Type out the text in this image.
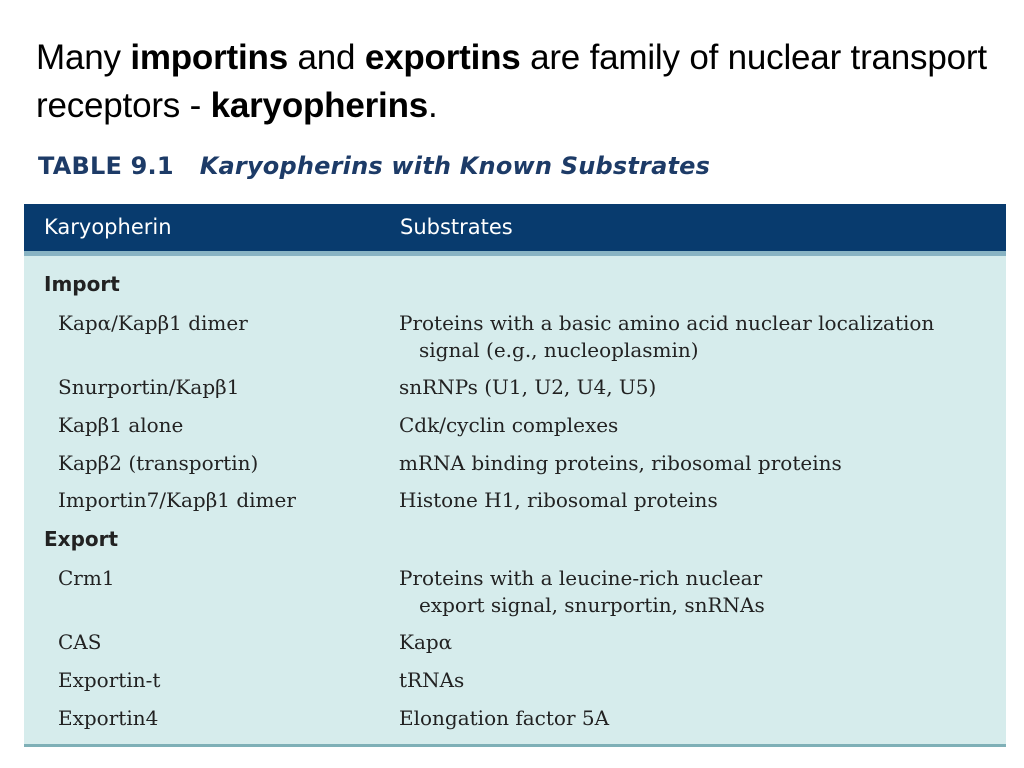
Many importins and exportins are family of nuclear transport receptors - karyopherins.
TABLE 9.1 Karyopherins with Known Substrates
Karyopherin	Substrates
Import
Kapα/Kapβ1 dimer	Proteins with a basic amino acid nuclear localization
signal (e.g., nucleoplasmin)
Snurportin/Kapβ1	snRNPs (U1, U2, U4, U5)
Kapβ1 alone	Cdk/cyclin complexes
Kapβ2 (transportin)	mRNA binding proteins, ribosomal proteins
Importin7/Kapβ1 dimer	Histone H1, ribosomal proteins
Export
Crm1	Proteins with a leucine-rich nuclear
export signal, snurportin, snRNAs
CAS	Kapα
Exportin-t	tRNAs
Exportin4	Elongation factor 5A
